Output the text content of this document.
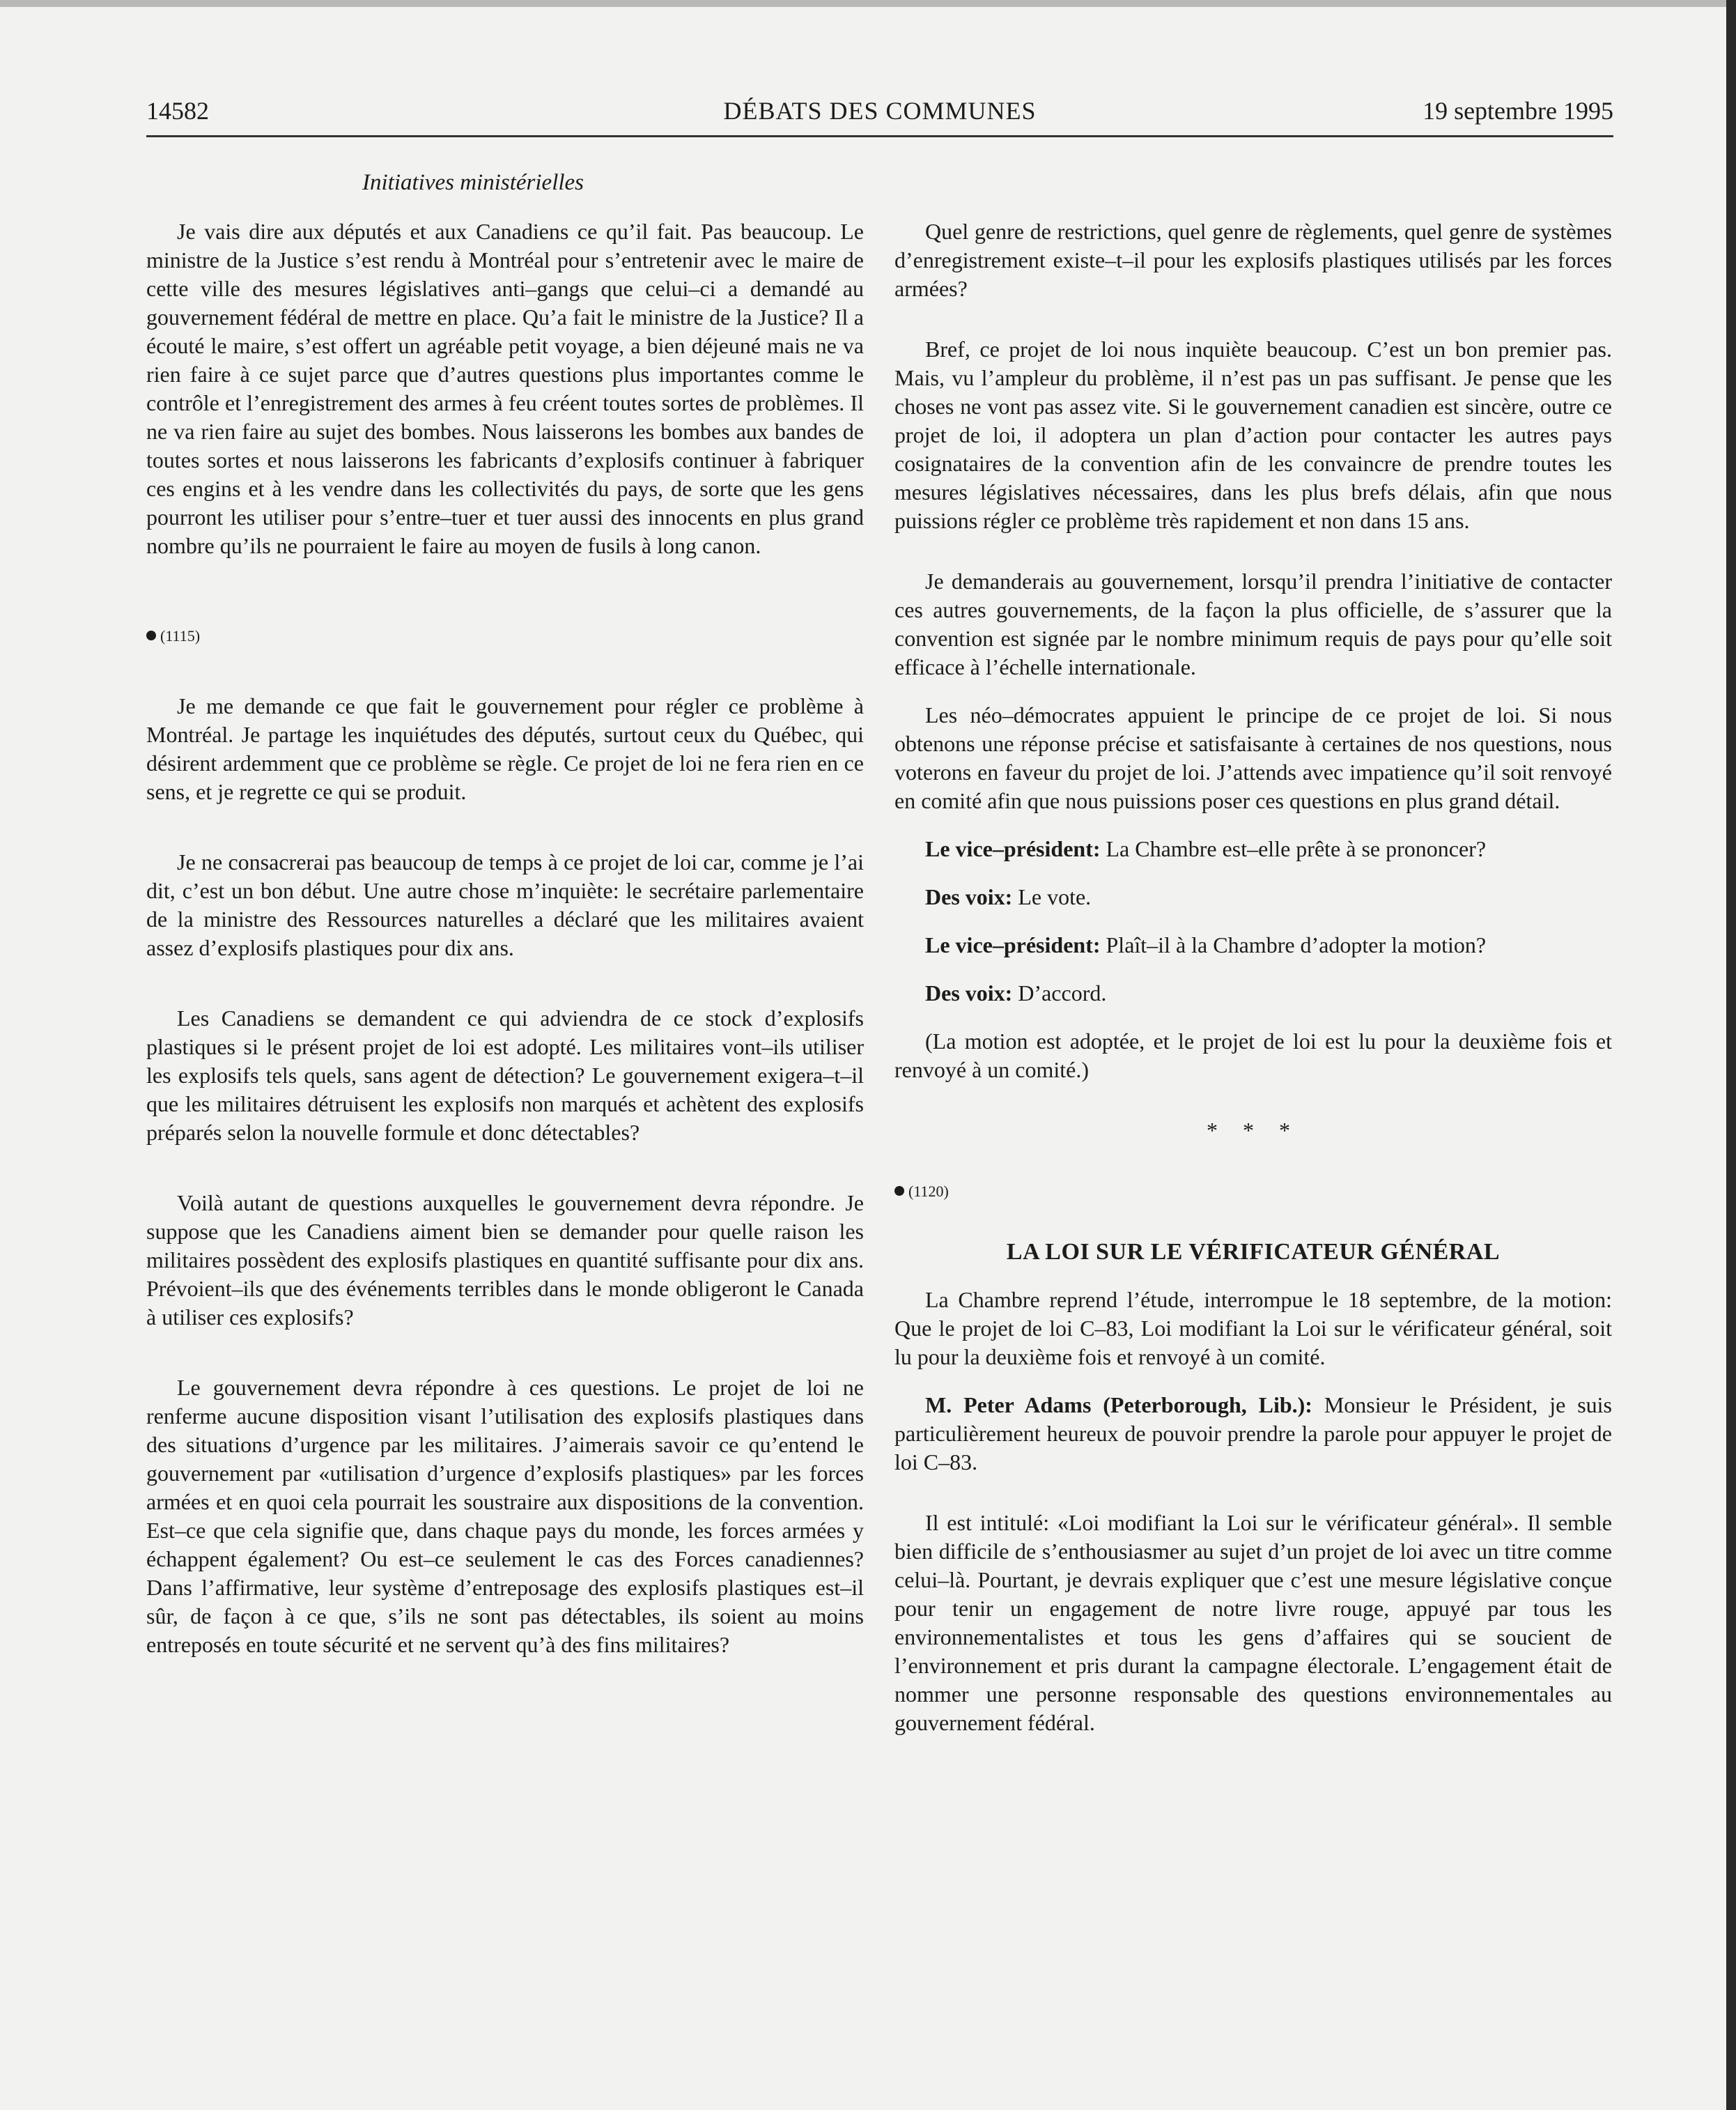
DÉBATS DES COMMUNES
14582	19 septembre 1995
Initiatives ministérielles

Je vais dire aux députés et aux Canadiens ce qu’il fait. Pas beaucoup. Le ministre de la Justice s’est rendu à Montréal pour s’entretenir avec le maire de cette ville des mesures législatives anti–gangs que celui–ci a demandé au gouvernement fédéral de mettre en place. Qu’a fait le ministre de la Justice? Il a écouté le maire, s’est offert un agréable petit voyage, a bien déjeuné mais ne va rien faire à ce sujet parce que d’autres questions plus importantes comme le contrôle et l’enregistrement des armes à feu créent toutes sortes de problèmes. Il ne va rien faire au sujet des bombes. Nous laisserons les bombes aux bandes de toutes sortes et nous laisserons les fabricants d’explosifs continuer à fabriquer ces engins et à les vendre dans les collectivités du pays, de sorte que les gens pourront les utiliser pour s’entre–tuer et tuer aussi des innocents en plus grand nombre qu’ils ne pourraient le faire au moyen de fusils à long canon.

(1115)

Je me demande ce que fait le gouvernement pour régler ce problème à Montréal. Je partage les inquiétudes des députés, surtout ceux du Québec, qui désirent ardemment que ce problème se règle. Ce projet de loi ne fera rien en ce sens, et je regrette ce qui se produit.

Je ne consacrerai pas beaucoup de temps à ce projet de loi car, comme je l’ai dit, c’est un bon début. Une autre chose m’inquiète: le secrétaire parlementaire de la ministre des Ressources naturelles a déclaré que les militaires avaient assez d’explosifs plastiques pour dix ans.

Les Canadiens se demandent ce qui adviendra de ce stock d’explosifs plastiques si le présent projet de loi est adopté. Les militaires vont–ils utiliser les explosifs tels quels, sans agent de détection? Le gouvernement exigera–t–il que les militaires détruisent les explosifs non marqués et achètent des explosifs préparés selon la nouvelle formule et donc détectables?

Voilà autant de questions auxquelles le gouvernement devra répondre. Je suppose que les Canadiens aiment bien se demander pour quelle raison les militaires possèdent des explosifs plastiques en quantité suffisante pour dix ans. Prévoient–ils que des événements terribles dans le monde obligeront le Canada à utiliser ces explosifs?

Le gouvernement devra répondre à ces questions. Le projet de loi ne renferme aucune disposition visant l’utilisation des explosifs plastiques dans des situations d’urgence par les militaires. J’aimerais savoir ce qu’entend le gouvernement par «utilisation d’urgence d’explosifs plastiques» par les forces armées et en quoi cela pourrait les soustraire aux dispositions de la convention. Est–ce que cela signifie que, dans chaque pays du monde, les forces armées y échappent également? Ou est–ce seulement le cas des Forces canadiennes? Dans l’affirmative, leur système d’entreposage des explosifs plastiques est–il sûr, de façon à ce que, s’ils ne sont pas détectables, ils soient au moins entreposés en toute sécurité et ne servent qu’à des fins militaires?

Quel genre de restrictions, quel genre de règlements, quel genre de systèmes d’enregistrement existe–t–il pour les explosifs plastiques utilisés par les forces armées?

Bref, ce projet de loi nous inquiète beaucoup. C’est un bon premier pas. Mais, vu l’ampleur du problème, il n’est pas un pas suffisant. Je pense que les choses ne vont pas assez vite. Si le gouvernement canadien est sincère, outre ce projet de loi, il adoptera un plan d’action pour contacter les autres pays cosignataires de la convention afin de les convaincre de prendre toutes les mesures législatives nécessaires, dans les plus brefs délais, afin que nous puissions régler ce problème très rapidement et non dans 15 ans.

Je demanderais au gouvernement, lorsqu’il prendra l’initiative de contacter ces autres gouvernements, de la façon la plus officielle, de s’assurer que la convention est signée par le nombre minimum requis de pays pour qu’elle soit efficace à l’échelle internationale.

Les néo–démocrates appuient le principe de ce projet de loi. Si nous obtenons une réponse précise et satisfaisante à certaines de nos questions, nous voterons en faveur du projet de loi. J’attends avec impatience qu’il soit renvoyé en comité afin que nous puissions poser ces questions en plus grand détail.

Le vice–président: La Chambre est–elle prête à se prononcer?

Des voix: Le vote.

Le vice–président: Plaît–il à la Chambre d’adopter la motion?

Des voix: D’accord.

(La motion est adoptée, et le projet de loi est lu pour la deuxième fois et renvoyé à un comité.)

* * *

(1120)

LA LOI SUR LE VÉRIFICATEUR GÉNÉRAL

La Chambre reprend l’étude, interrompue le 18 septembre, de la motion: Que le projet de loi C–83, Loi modifiant la Loi sur le vérificateur général, soit lu pour la deuxième fois et renvoyé à un comité.

M. Peter Adams (Peterborough, Lib.): Monsieur le Président, je suis particulièrement heureux de pouvoir prendre la parole pour appuyer le projet de loi C–83.

Il est intitulé: «Loi modifiant la Loi sur le vérificateur général». Il semble bien difficile de s’enthousiasmer au sujet d’un projet de loi avec un titre comme celui–là. Pourtant, je devrais expliquer que c’est une mesure législative conçue pour tenir un engagement de notre livre rouge, appuyé par tous les environnementalistes et tous les gens d’affaires qui se soucient de l’environnement et pris durant la campagne électorale. L’engagement était de nommer une personne responsable des questions environnementales au gouvernement fédéral.
